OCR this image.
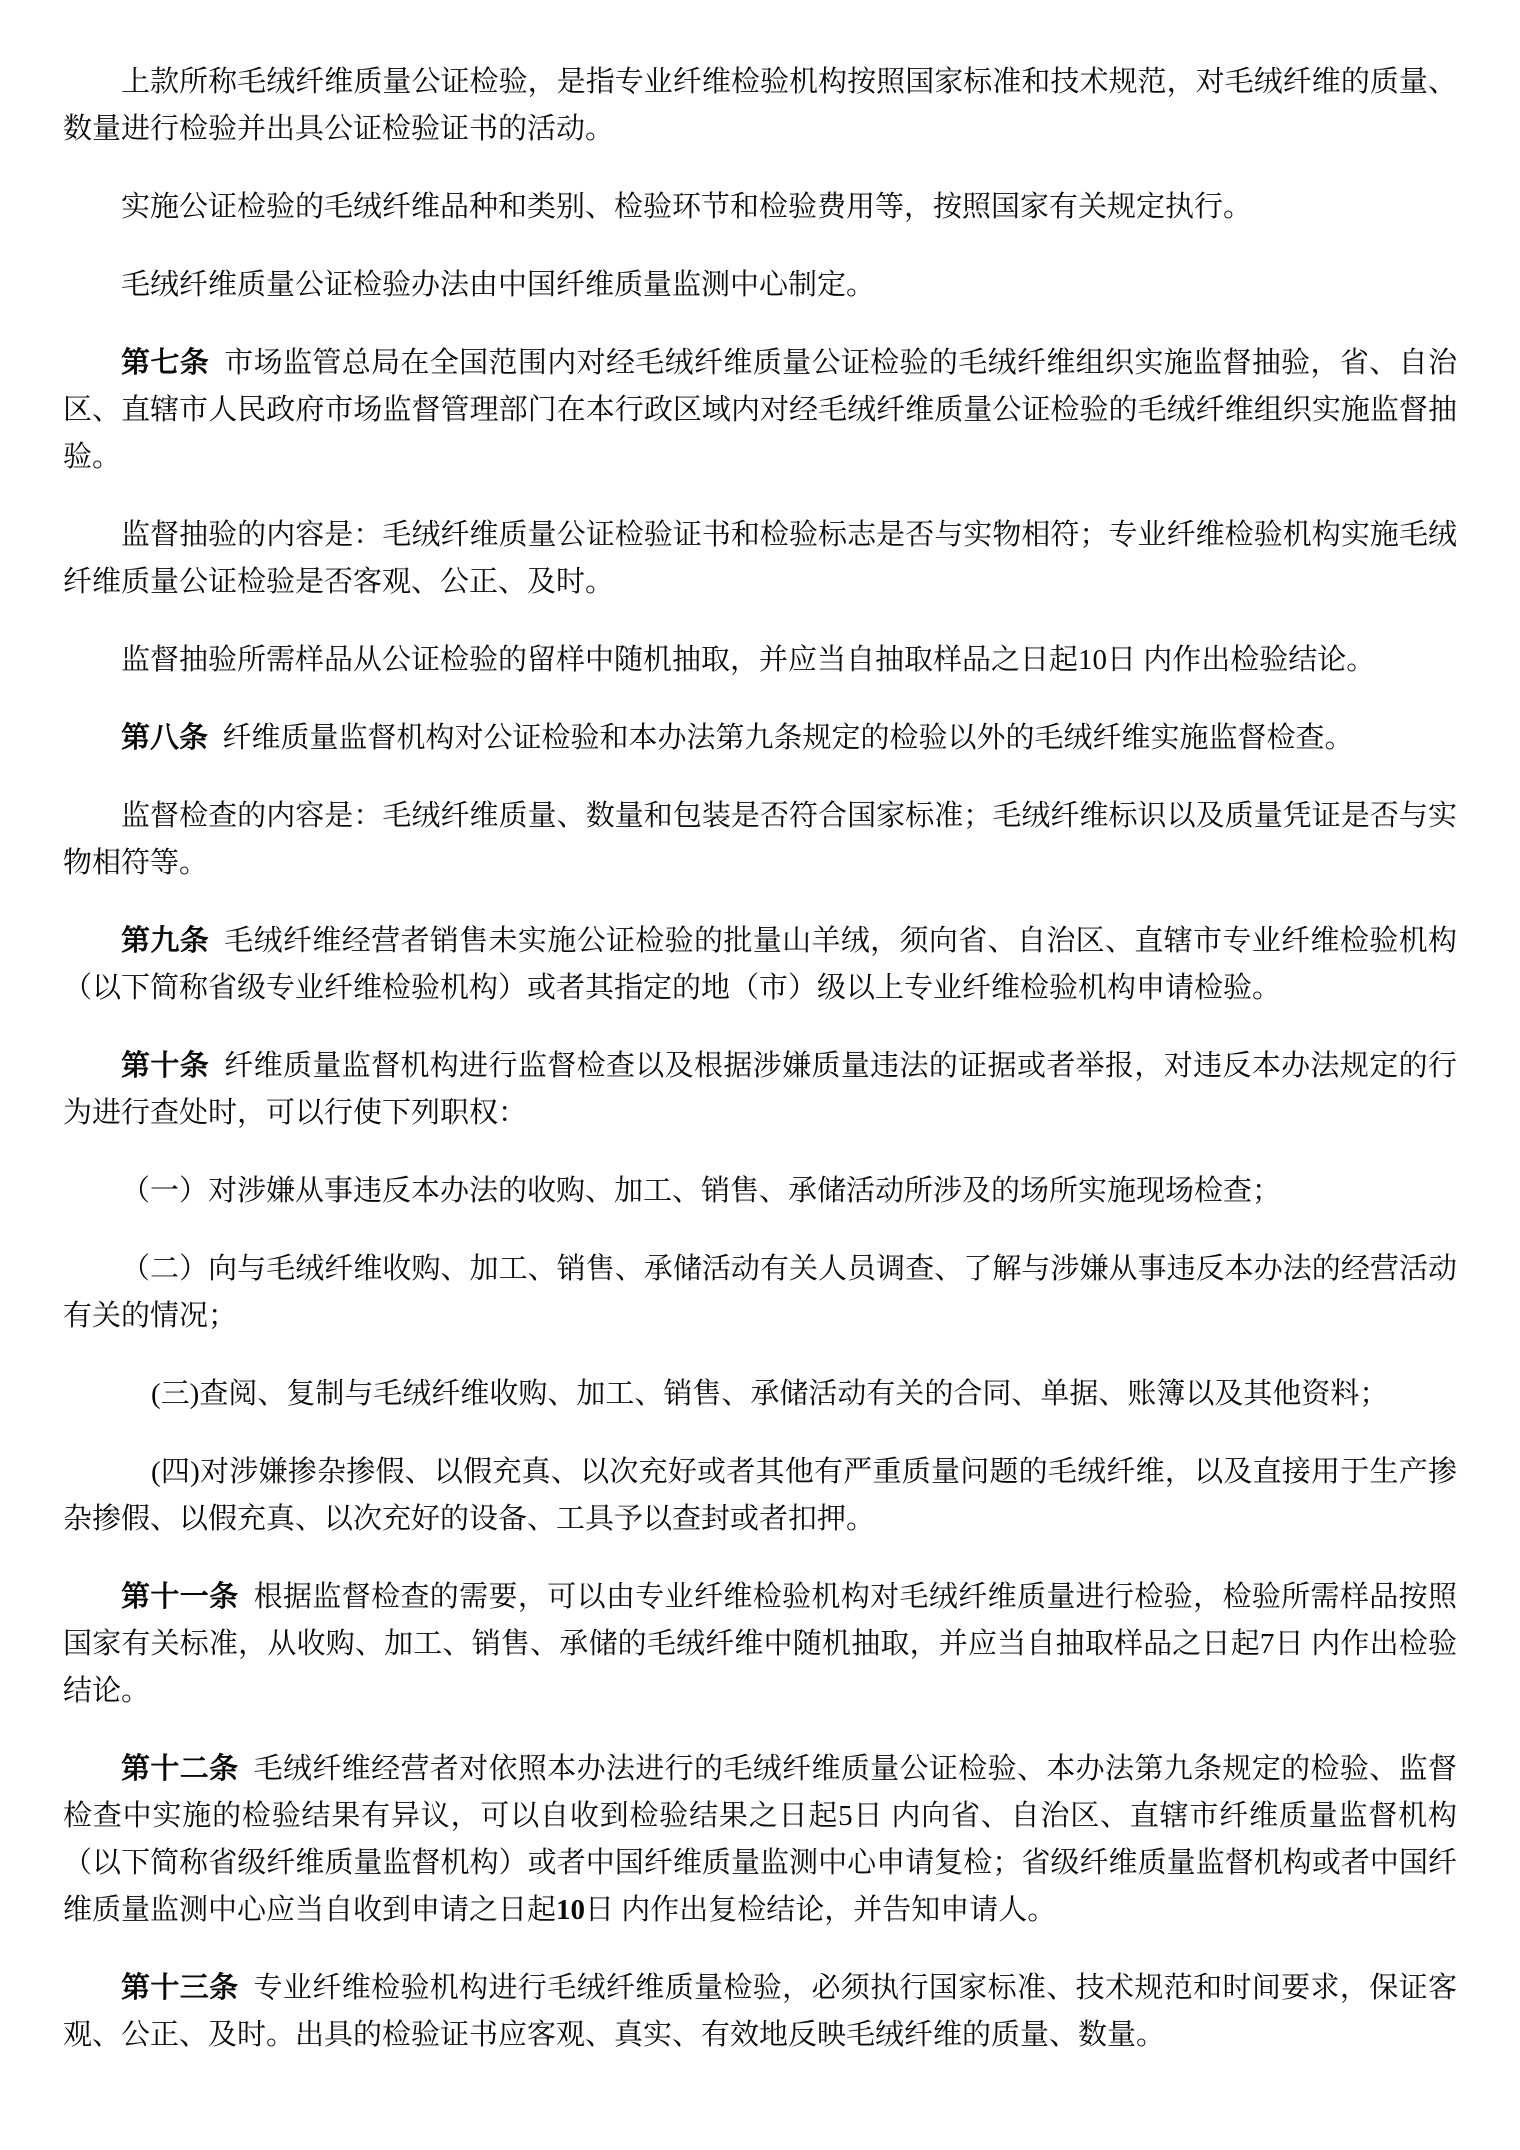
上款所称毛绒纤维质量公证检验，是指专业纤维检验机构按照国家标准和技术规范，对毛绒纤维的质量、数量进行检验并出具公证检验证书的活动。

实施公证检验的毛绒纤维品种和类别、检验环节和检验费用等，按照国家有关规定执行。

毛绒纤维质量公证检验办法由中国纤维质量监测中心制定。

第七条  市场监管总局在全国范围内对经毛绒纤维质量公证检验的毛绒纤维组织实施监督抽验，省、自治区、直辖市人民政府市场监督管理部门在本行政区域内对经毛绒纤维质量公证检验的毛绒纤维组织实施监督抽验。

监督抽验的内容是：毛绒纤维质量公证检验证书和检验标志是否与实物相符；专业纤维检验机构实施毛绒纤维质量公证检验是否客观、公正、及时。

监督抽验所需样品从公证检验的留样中随机抽取，并应当自抽取样品之日起10日 内作出检验结论。

第八条  纤维质量监督机构对公证检验和本办法第九条规定的检验以外的毛绒纤维实施监督检查。

监督检查的内容是：毛绒纤维质量、数量和包装是否符合国家标准；毛绒纤维标识以及质量凭证是否与实物相符等。

第九条  毛绒纤维经营者销售未实施公证检验的批量山羊绒，须向省、自治区、直辖市专业纤维检验机构（以下简称省级专业纤维检验机构）或者其指定的地（市）级以上专业纤维检验机构申请检验。

第十条  纤维质量监督机构进行监督检查以及根据涉嫌质量违法的证据或者举报，对违反本办法规定的行为进行查处时，可以行使下列职权：

（一）对涉嫌从事违反本办法的收购、加工、销售、承储活动所涉及的场所实施现场检查；

（二）向与毛绒纤维收购、加工、销售、承储活动有关人员调查、了解与涉嫌从事违反本办法的经营活动有关的情况；

(三)查阅、复制与毛绒纤维收购、加工、销售、承储活动有关的合同、单据、账簿以及其他资料；

(四)对涉嫌掺杂掺假、以假充真、以次充好或者其他有严重质量问题的毛绒纤维，以及直接用于生产掺杂掺假、以假充真、以次充好的设备、工具予以查封或者扣押。

第十一条  根据监督检查的需要，可以由专业纤维检验机构对毛绒纤维质量进行检验，检验所需样品按照国家有关标准，从收购、加工、销售、承储的毛绒纤维中随机抽取，并应当自抽取样品之日起7日 内作出检验结论。

第十二条  毛绒纤维经营者对依照本办法进行的毛绒纤维质量公证检验、本办法第九条规定的检验、监督检查中实施的检验结果有异议，可以自收到检验结果之日起5日 内向省、自治区、直辖市纤维质量监督机构（以下简称省级纤维质量监督机构）或者中国纤维质量监测中心申请复检；省级纤维质量监督机构或者中国纤维质量监测中心应当自收到申请之日起10日 内作出复检结论，并告知申请人。

第十三条  专业纤维检验机构进行毛绒纤维质量检验，必须执行国家标准、技术规范和时间要求，保证客观、公正、及时。出具的检验证书应客观、真实、有效地反映毛绒纤维的质量、数量。
